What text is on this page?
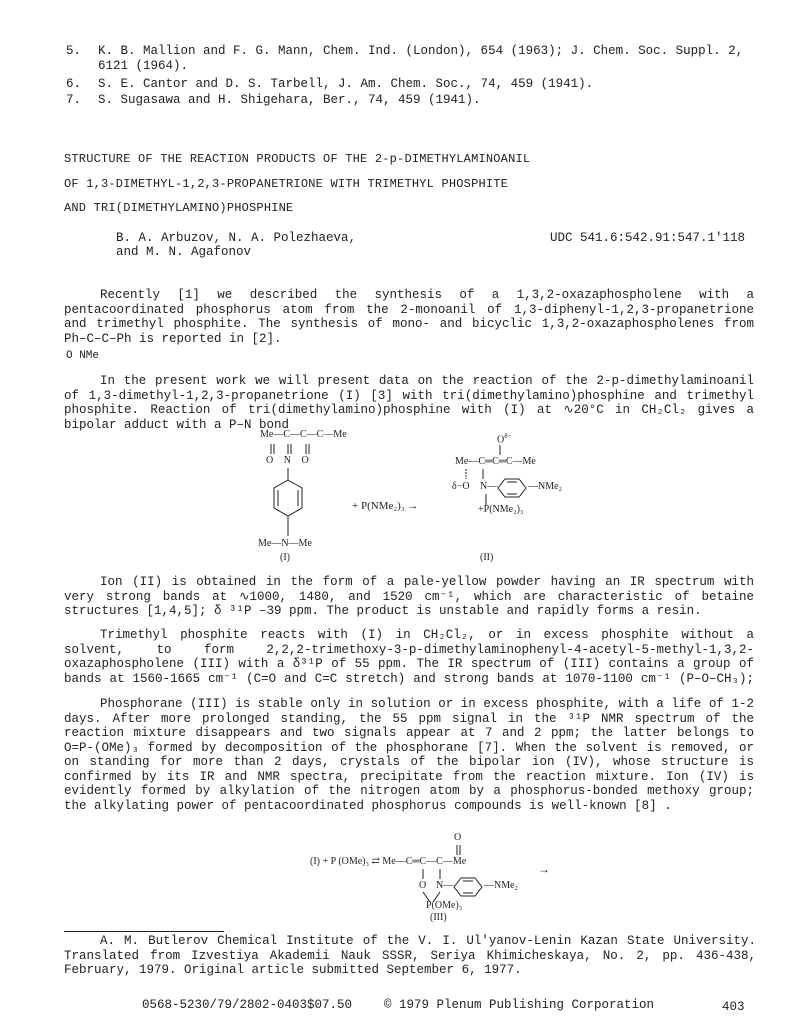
5. K. B. Mallion and F. G. Mann, Chem. Ind. (London), 654 (1963); J. Chem. Soc. Suppl. 2, 6121 (1964).
6. S. E. Cantor and D. S. Tarbell, J. Am. Chem. Soc., 74, 459 (1941).
7. S. Sugasawa and H. Shigehara, Ber., 74, 459 (1941).
STRUCTURE OF THE REACTION PRODUCTS OF THE 2-p-DIMETHYLAMINOANIL
OF 1,3-DIMETHYL-1,2,3-PROPANETRIONE WITH TRIMETHYL PHOSPHITE
AND TRI(DIMETHYLAMINO)PHOSPHINE
B. A. Arbuzov, N. A. Polezhaeva,
and M. N. Agafonov
UDC 541.6:542.91:547.1'118
Recently [1] we described the synthesis of a 1,3,2-oxazaphospholene with a pentacoordinated phosphorus atom from the 2-monoanil of 1,3-diphenyl-1,2,3-propanetrione and trimethyl phosphite. The synthesis of mono- and bicyclic 1,3,2-oxazaphospholenes from
Ph‒C‒C‒Ph is reported in [2].
O NMe
In the present work we will present data on the reaction of the 2-p-dimethylaminoanil of 1,3-dimethyl-1,2,3-propanetrione (I) [3] with tri(dimethylamino)phosphine and trimethyl phosphite. Reaction of tri(dimethylamino)phosphine with (I) at ∿20°C in CH₂Cl₂ gives a bipolar adduct with a P‒N bond
Me—C—C—C—Me
O N O
Me—N—Me
(I)
+ P(NMe₂)₃ →
$O^{\delta-}$
Me—C═C═C—Me
δ−O N—	—NMe₂
+P(NMe₂)₃
(II)
Ion (II) is obtained in the form of a pale-yellow powder having an IR spectrum with very strong bands at ∿1000, 1480, and 1520 cm⁻¹, which are characteristic of betaine structures [1,4,5]; δ ³¹P ‒39 ppm. The product is unstable and rapidly forms a resin.
Trimethyl phosphite reacts with (I) in CH₂Cl₂, or in excess phosphite without a solvent, to form 2,2,2-trimethoxy-3-p-dimethylaminophenyl-4-acetyl-5-methyl-1,3,2-oxazaphospholene (III) with a δ³¹P of 55 ppm. The IR spectrum of (III) contains a group of bands at 1560-1665 cm⁻¹ (C=O and C=C stretch) and strong bands at 1070-1100 cm⁻¹ (P‒O‒CH₃);
Phosphorane (III) is stable only in solution or in excess phosphite, with a life of 1-2 days. After more prolonged standing, the 55 ppm signal in the ³¹P NMR spectrum of the reaction mixture disappears and two signals appear at 7 and 2 ppm; the latter belongs to O=P-(OMe)₃ formed by decomposition of the phosphorane [7]. When the solvent is removed, or on standing for more than 2 days, crystals of the bipolar ion (IV), whose structure is confirmed by its IR and NMR spectra, precipitate from the reaction mixture. Ion (IV) is evidently formed by alkylation of the nitrogen atom by a phosphorus-bonded methoxy group; the alkylating power of pentacoordinated phosphorus compounds is well-known [8] .
O
(I) + P (OMe)₃ ⇄ Me—C═C—C—Me
O N—	—NMe₂
P(OMe)₃
(III)
→
A. M. Butlerov Chemical Institute of the V. I. Ul'yanov-Lenin Kazan State University. Translated from Izvestiya Akademii Nauk SSSR, Seriya Khimicheskaya, No. 2, pp. 436-438, February, 1979. Original article submitted September 6, 1977.
0568-5230/79/2802-0403$07.50	© 1979 Plenum Publishing Corporation	403
